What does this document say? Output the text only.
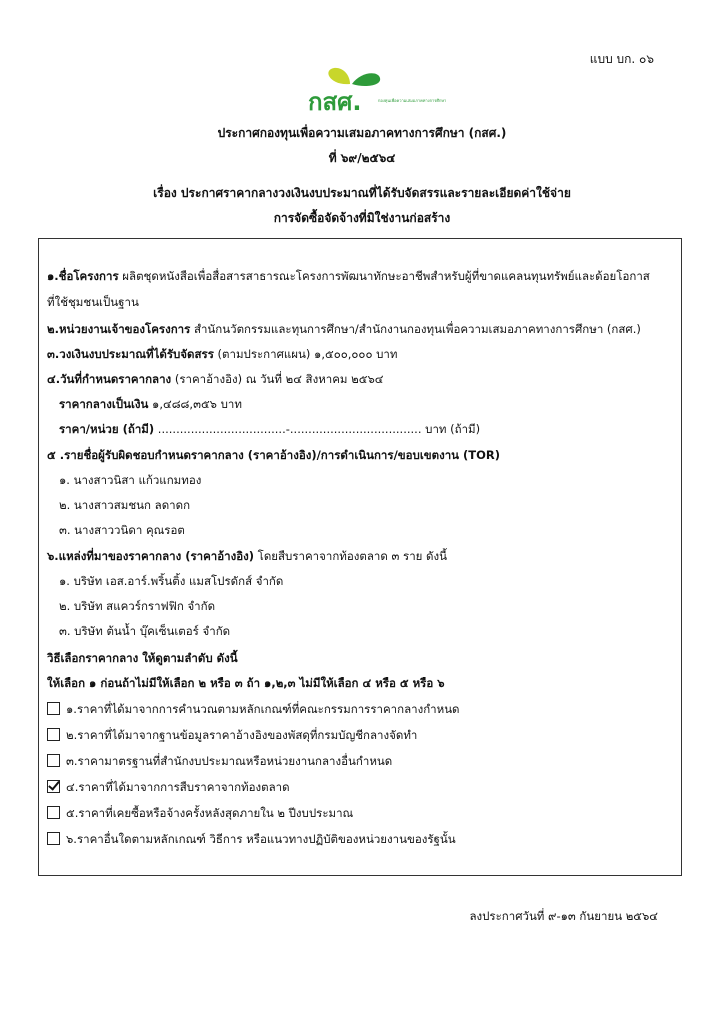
แบบ บก. ๐๖
กสศ.	กองทุนเพื่อความเสมอภาคทางการศึกษา
ประกาศกองทุนเพื่อความเสมอภาคทางการศึกษา (กสศ.)
ที่ ๖๙/๒๕๖๔
เรื่อง ประกาศราคากลางวงเงินงบประมาณที่ได้รับจัดสรรและรายละเอียดค่าใช้จ่าย
การจัดซื้อจัดจ้างที่มิใช่งานก่อสร้าง
๑.ชื่อโครงการ ผลิตชุดหนังสือเพื่อสื่อสารสาธารณะโครงการพัฒนาทักษะอาชีพสำหรับผู้ที่ขาดแคลนทุนทรัพย์และด้อยโอกาส
ที่ใช้ชุมชนเป็นฐาน
๒.หน่วยงานเจ้าของโครงการ สำนักนวัตกรรมและทุนการศึกษา/สำนักงานกองทุนเพื่อความเสมอภาคทางการศึกษา (กสศ.)
๓.วงเงินงบประมาณที่ได้รับจัดสรร (ตามประกาศแผน) ๑,๕๐๐,๐๐๐ บาท
๔.วันที่กำหนดราคากลาง (ราคาอ้างอิง) ณ วันที่ ๒๔ สิงหาคม ๒๕๖๔
ราคากลางเป็นเงิน ๑,๔๘๘,๓๕๖ บาท
ราคา/หน่วย (ถ้ามี) ...................................-.................................... บาท (ถ้ามี)
๕ .รายชื่อผู้รับผิดชอบกำหนดราคากลาง (ราคาอ้างอิง)/การดำเนินการ/ขอบเขตงาน (TOR)
๑. นางสาวนิสา แก้วแกมทอง
๒. นางสาวสมชนก ลดาดก
๓. นางสาววนิดา คุณรอต
๖.แหล่งที่มาของราคากลาง (ราคาอ้างอิง) โดยสืบราคาจากท้องตลาด ๓ ราย ดังนี้
๑. บริษัท เอส.อาร์.พริ้นติ้ง แมสโปรดักส์ จำกัด
๒. บริษัท สแควร์กราฟฟิก จำกัด
๓. บริษัท ต้นน้ำ บุ๊คเซ็นเตอร์ จำกัด
วิธีเลือกราคากลาง ให้ดูตามลำดับ ดังนี้
ให้เลือก ๑ ก่อนถ้าไม่มีให้เลือก ๒ หรือ ๓ ถ้า ๑,๒,๓ ไม่มีให้เลือก ๔ หรือ ๕ หรือ ๖
๑.ราคาที่ได้มาจากการคำนวณตามหลักเกณฑ์ที่คณะกรรมการราคากลางกำหนด
๒.ราคาที่ได้มาจากฐานข้อมูลราคาอ้างอิงของพัสดุที่กรมบัญชีกลางจัดทำ
๓.ราคามาตรฐานที่สำนักงบประมาณหรือหน่วยงานกลางอื่นกำหนด
๔.ราคาที่ได้มาจากการสืบราคาจากท้องตลาด
๕.ราคาที่เคยซื้อหรือจ้างครั้งหลังสุดภายใน ๒ ปีงบประมาณ
๖.ราคาอื่นใดตามหลักเกณฑ์ วิธีการ หรือแนวทางปฏิบัติของหน่วยงานของรัฐนั้น
ลงประกาศวันที่ ๙-๑๓ กันยายน ๒๕๖๔
